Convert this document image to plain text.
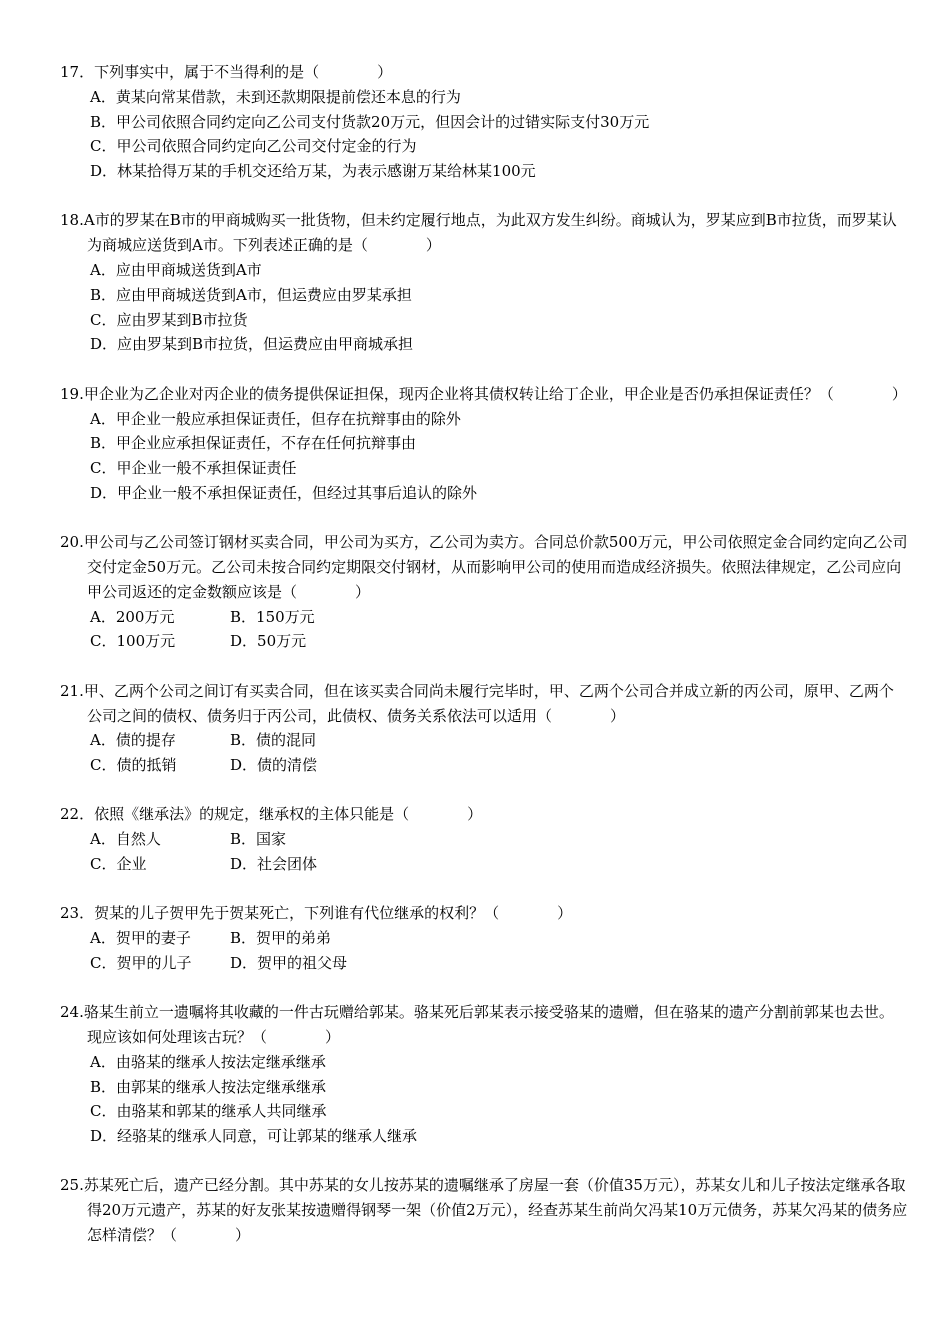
17．下列事实中，属于不当得利的是（	）
A．黄某向常某借款，未到还款期限提前偿还本息的行为
B．甲公司依照合同约定向乙公司支付货款20万元，但因会计的过错实际支付30万元
C．甲公司依照合同约定向乙公司交付定金的行为
D．林某拾得万某的手机交还给万某，为表示感谢万某给林某100元
18.A市的罗某在B市的甲商城购买一批货物，但未约定履行地点，为此双方发生纠纷。商城认为，罗某应到B市拉货，而罗某认为商城应送货到A市。下列表述正确的是（	）
A．应由甲商城送货到A市
B．应由甲商城送货到A市，但运费应由罗某承担
C．应由罗某到B市拉货
D．应由罗某到B市拉货，但运费应由甲商城承担
19.甲企业为乙企业对丙企业的债务提供保证担保，现丙企业将其债权转让给丁企业，甲企业是否仍承担保证责任？（	）
A．甲企业一般应承担保证责任，但存在抗辩事由的除外
B．甲企业应承担保证责任，不存在任何抗辩事由
C．甲企业一般不承担保证责任
D．甲企业一般不承担保证责任，但经过其事后追认的除外
20.甲公司与乙公司签订钢材买卖合同，甲公司为买方，乙公司为卖方。合同总价款500万元，甲公司依照定金合同约定向乙公司交付定金50万元。乙公司未按合同约定期限交付钢材，从而影响甲公司的使用而造成经济损失。依照法律规定，乙公司应向甲公司返还的定金数额应该是（	）
A．200万元	B．150万元
C．100万元	D．50万元
21.甲、乙两个公司之间订有买卖合同，但在该买卖合同尚未履行完毕时，甲、乙两个公司合并成立新的丙公司，原甲、乙两个公司之间的债权、债务归于丙公司，此债权、债务关系依法可以适用（	）
A．债的提存	B．债的混同
C．债的抵销	D．债的清偿
22．依照《继承法》的规定，继承权的主体只能是（	）
A．自然人	B．国家
C．企业	D．社会团体
23．贺某的儿子贺甲先于贺某死亡，下列谁有代位继承的权利？（	）
A．贺甲的妻子	B．贺甲的弟弟
C．贺甲的儿子	D．贺甲的祖父母
24.骆某生前立一遗嘱将其收藏的一件古玩赠给郭某。骆某死后郭某表示接受骆某的遗赠，但在骆某的遗产分割前郭某也去世。现应该如何处理该古玩？（	）
A．由骆某的继承人按法定继承继承
B．由郭某的继承人按法定继承继承
C．由骆某和郭某的继承人共同继承
D．经骆某的继承人同意，可让郭某的继承人继承
25.苏某死亡后，遗产已经分割。其中苏某的女儿按苏某的遗嘱继承了房屋一套（价值35万元），苏某女儿和儿子按法定继承各取得20万元遗产，苏某的好友张某按遗赠得钢琴一架（价值2万元），经查苏某生前尚欠冯某10万元债务，苏某欠冯某的债务应怎样清偿？（	）
